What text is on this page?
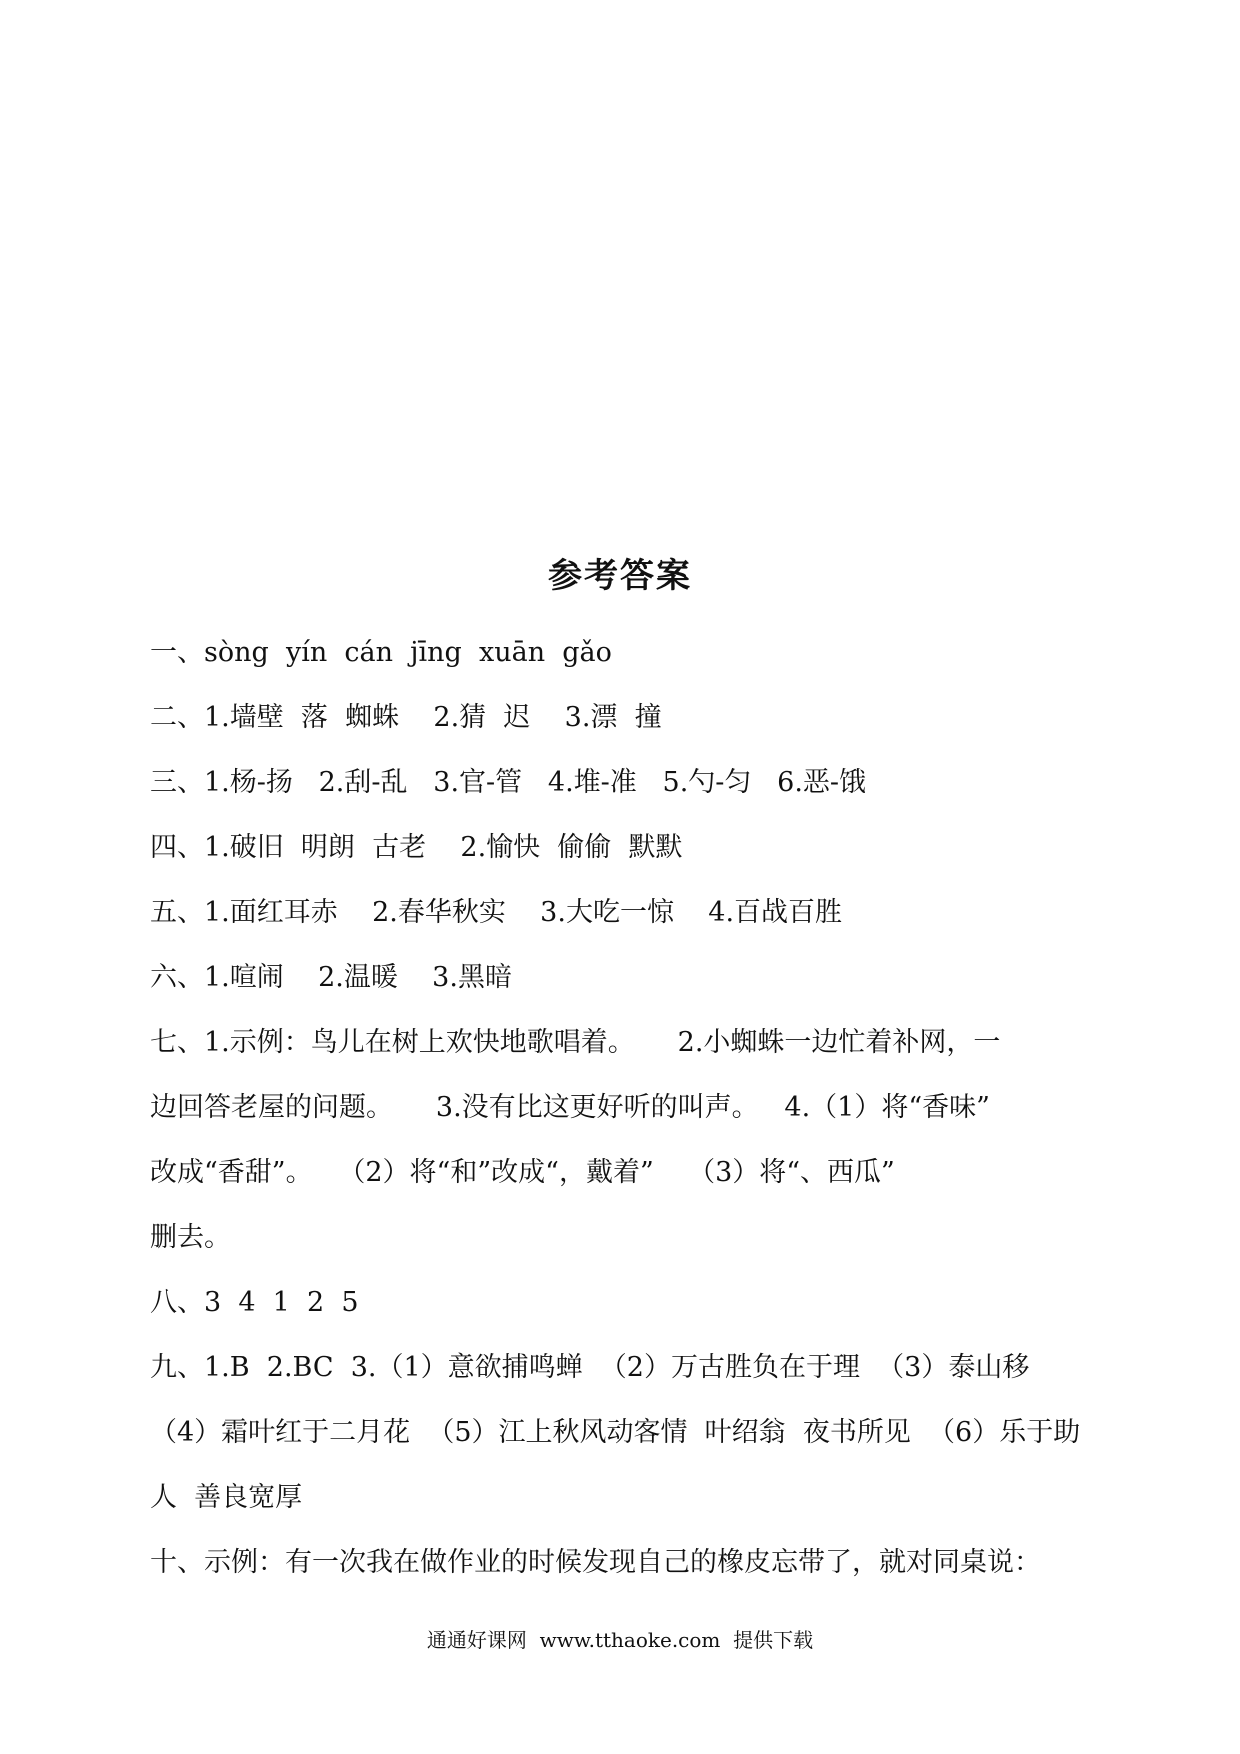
参考答案
一、sòng  yín  cán  jīng  xuān  gǎo
二、1.墙壁  落  蜘蛛    2.猜  迟    3.漂  撞
三、1.杨-扬   2.刮-乱   3.官-管   4.堆-准   5.勺-匀   6.恶-饿
四、1.破旧  明朗  古老    2.愉快  偷偷  默默
五、1.面红耳赤    2.春华秋实    3.大吃一惊    4.百战百胜
六、1.喧闹    2.温暖    3.黑暗
七、1.示例：鸟儿在树上欢快地歌唱着。     2.小蜘蛛一边忙着补网，一
边回答老屋的问题。     3.没有比这更好听的叫声。   4.（1）将“香味”
改成“香甜”。   （2）将“和”改成“，戴着”    （3）将“、西瓜”
删去。
八、3  4  1  2  5
九、1.B  2.BC  3.（1）意欲捕鸣蝉  （2）万古胜负在于理  （3）泰山移
（4）霜叶红于二月花  （5）江上秋风动客情  叶绍翁  夜书所见  （6）乐于助
人  善良宽厚
十、示例：有一次我在做作业的时候发现自己的橡皮忘带了，就对同桌说：
通通好课网  www.tthaoke.com  提供下载
